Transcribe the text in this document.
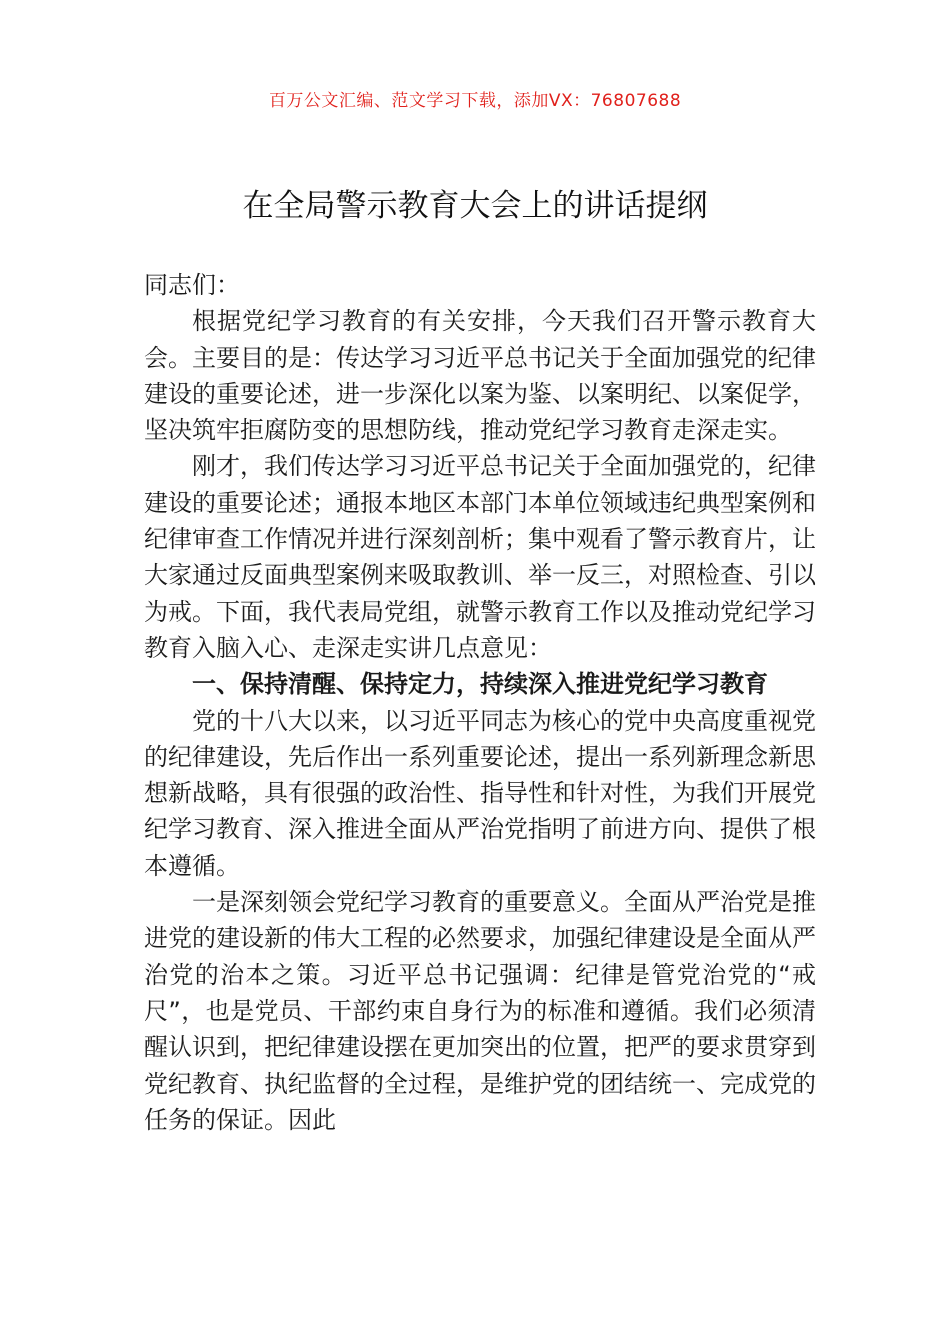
百万公文汇编、范文学习下载，添加VX：76807688
在全局警示教育大会上的讲话提纲

同志们：

根据党纪学习教育的有关安排，今天我们召开警示教育大会。主要目的是：传达学习习近平总书记关于全面加强党的纪律建设的重要论述，进一步深化以案为鉴、以案明纪、以案促学，坚决筑牢拒腐防变的思想防线，推动党纪学习教育走深走实。

刚才，我们传达学习习近平总书记关于全面加强党的，纪律建设的重要论述；通报本地区本部门本单位领域违纪典型案例和纪律审查工作情况并进行深刻剖析；集中观看了警示教育片，让大家通过反面典型案例来吸取教训、举一反三，对照检查、引以为戒。下面，我代表局党组，就警示教育工作以及推动党纪学习教育入脑入心、走深走实讲几点意见：

一、保持清醒、保持定力，持续深入推进党纪学习教育

党的十八大以来，以习近平同志为核心的党中央高度重视党的纪律建设，先后作出一系列重要论述，提出一系列新理念新思想新战略，具有很强的政治性、指导性和针对性，为我们开展党纪学习教育、深入推进全面从严治党指明了前进方向、提供了根本遵循。

一是深刻领会党纪学习教育的重要意义。全面从严治党是推进党的建设新的伟大工程的必然要求，加强纪律建设是全面从严治党的治本之策。习近平总书记强调：纪律是管党治党的“戒尺”，也是党员、干部约束自身行为的标准和遵循。我们必须清醒认识到，把纪律建设摆在更加突出的位置，把严的要求贯穿到党纪教育、执纪监督的全过程，是维护党的团结统一、完成党的任务的保证。因此
